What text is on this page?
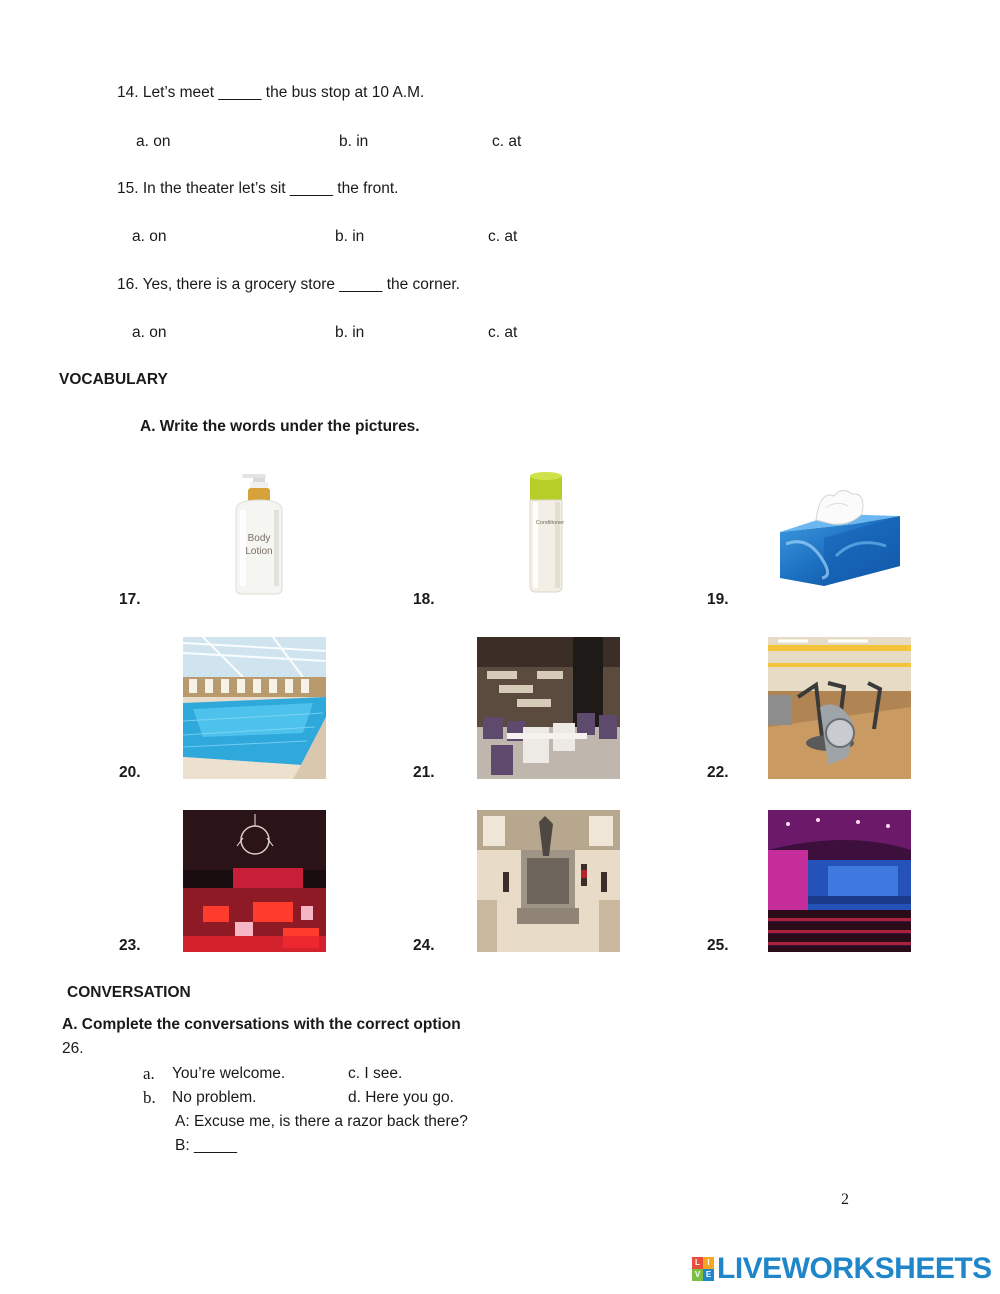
14. Let’s meet _____ the bus stop at 10 A.M.
a. on	b. in	c. at
15. In the theater let’s sit _____ the front.
a. on	b. in	c. at
16. Yes, there is a grocery store _____ the corner.
a. on	b. in	c. at
VOCABULARY
A. Write the words under the pictures.
Body
Lotion
17.
Conditioner
18.	19.
20.	21.	22.
23.	24.	25.
CONVERSATION
A. Complete the conversations with the correct option
26.
a. You’re welcome.	c. I see.
b. No problem.	d. Here you go.
A: Excuse me, is there a razor back there?
B: _____
2
L I
V E LIVEWORKSHEETS
